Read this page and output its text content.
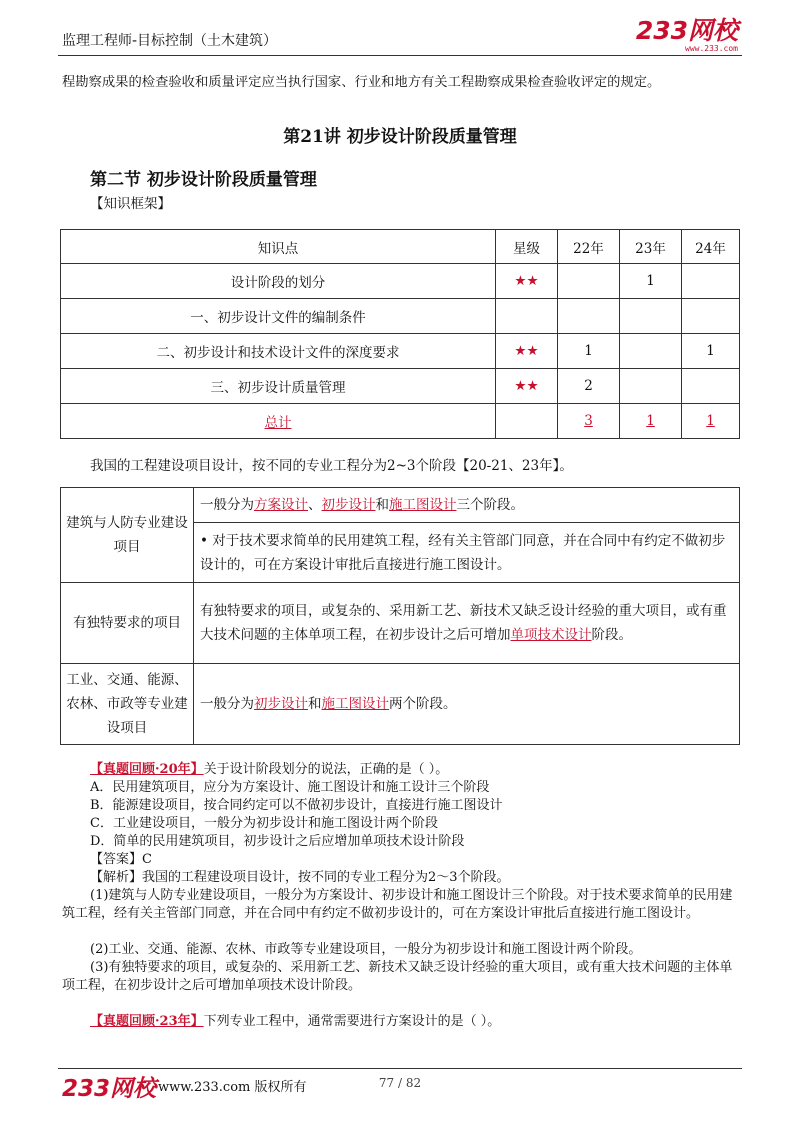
监理工程师-目标控制（土木建筑）	233网校
www.233.com
程勘察成果的检查验收和质量评定应当执行国家、行业和地方有关工程勘察成果检查验收评定的规定。
第21讲 初步设计阶段质量管理
第二节 初步设计阶段质量管理
【知识框架】
知识点	星级	22年	23年	24年
设计阶段的划分	★★		1	
一、初步设计文件的编制条件				
二、初步设计和技术设计文件的深度要求	★★	1		1
三、初步设计质量管理	★★	2		
总计		3	1	1
我国的工程建设项目设计，按不同的专业工程分为2~3个阶段【20-21、23年】。
建筑与人防专业建设项目	一般分为方案设计、初步设计和施工图设计三个阶段。
	• 对于技术要求简单的民用建筑工程，经有关主管部门同意，并在合同中有约定不做初步设计的，可在方案设计审批后直接进行施工图设计。
有独特要求的项目	有独特要求的项目，或复杂的、采用新工艺、新技术又缺乏设计经验的重大项目，或有重大技术问题的主体单项工程，在初步设计之后可增加单项技术设计阶段。
工业、交通、能源、农林、市政等专业建设项目	一般分为初步设计和施工图设计两个阶段。
【真题回顾·20年】关于设计阶段划分的说法，正确的是（ ）。
A．民用建筑项目，应分为方案设计、施工图设计和施工设计三个阶段
B．能源建设项目，按合同约定可以不做初步设计，直接进行施工图设计
C．工业建设项目，一般分为初步设计和施工图设计两个阶段
D．简单的民用建筑项目，初步设计之后应增加单项技术设计阶段
【答案】C
【解析】我国的工程建设项目设计，按不同的专业工程分为2～3个阶段。
(1)建筑与人防专业建设项目，一般分为方案设计、初步设计和施工图设计三个阶段。对于技术要求简单的民用建筑工程，经有关主管部门同意，并在合同中有约定不做初步设计的，可在方案设计审批后直接进行施工图设计。
(2)工业、交通、能源、农林、市政等专业建设项目，一般分为初步设计和施工图设计两个阶段。
(3)有独特要求的项目，或复杂的、采用新工艺、新技术又缺乏设计经验的重大项目，或有重大技术问题的主体单项工程，在初步设计之后可增加单项技术设计阶段。
【真题回顾·23年】下列专业工程中，通常需要进行方案设计的是（ ）。
233网校 www.233.com 版权所有	77 / 82
